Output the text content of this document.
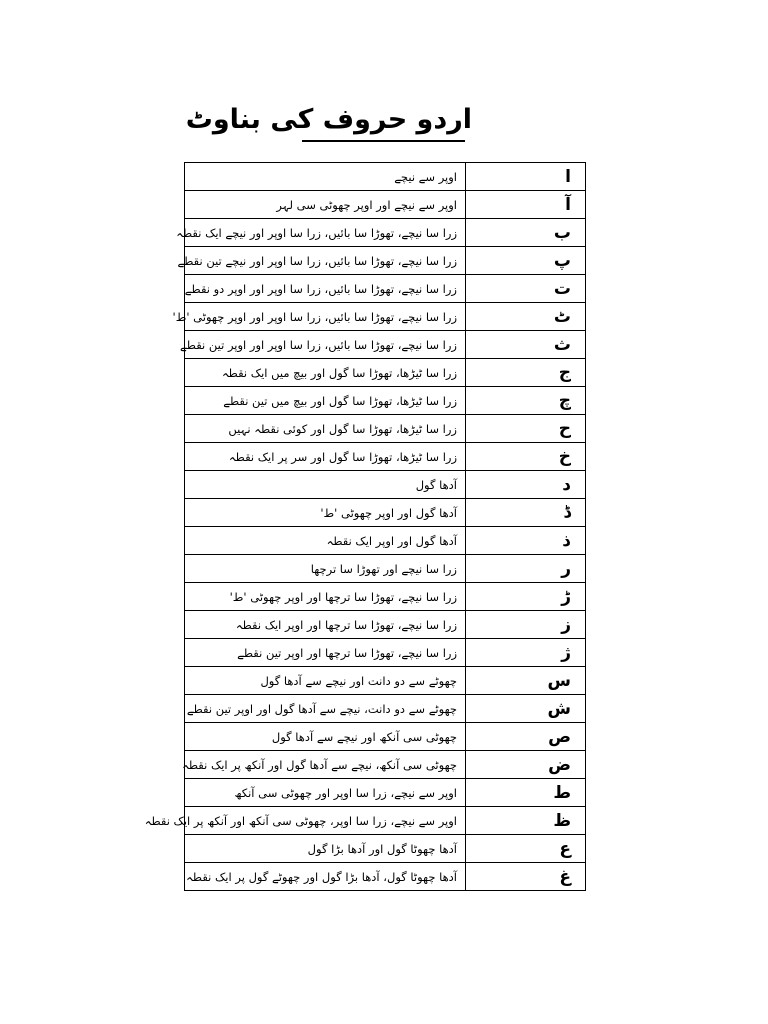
اردو حروف کی بناوٹ
ا	اوپر سے نیچے
آ	اوپر سے نیچے اور اوپر چھوٹی سی لہر
ب	زرا سا نیچے، تھوڑا سا بائیں، زرا سا اوپر اور نیچے ایک نقطہ
پ	زرا سا نیچے، تھوڑا سا بائیں، زرا سا اوپر اور نیچے تین نقطے
ت	زرا سا نیچے، تھوڑا سا بائیں، زرا سا اوپر اور اوپر دو نقطے
ٹ	زرا سا نیچے، تھوڑا سا بائیں، زرا سا اوپر اور اوپر چھوٹی 'ط'
ث	زرا سا نیچے، تھوڑا سا بائیں، زرا سا اوپر اور اوپر تین نقطے
ج	زرا سا ٹیڑھا، تھوڑا سا گول اور بیچ میں ایک نقطہ
چ	زرا سا ٹیڑھا، تھوڑا سا گول اور بیچ میں تین نقطے
ح	زرا سا ٹیڑھا، تھوڑا سا گول اور کوئی نقطہ نہیں
خ	زرا سا ٹیڑھا، تھوڑا سا گول اور سر پر ایک نقطہ
د	آدھا گول
ڈ	آدھا گول اور اوپر چھوٹی 'ط'
ذ	آدھا گول اور اوپر ایک نقطہ
ر	زرا سا نیچے اور تھوڑا سا ترچھا
ڑ	زرا سا نیچے، تھوڑا سا ترچھا اور اوپر چھوٹی 'ط'
ز	زرا سا نیچے، تھوڑا سا ترچھا اور اوپر ایک نقطہ
ژ	زرا سا نیچے، تھوڑا سا ترچھا اور اوپر تین نقطے
س	چھوٹے سے دو دانت اور نیچے سے آدھا گول
ش	چھوٹے سے دو دانت، نیچے سے آدھا گول اور اوپر تین نقطے
ص	چھوٹی سی آنکھ اور نیچے سے آدھا گول
ض	چھوٹی سی آنکھ، نیچے سے آدھا گول اور آنکھ پر ایک نقطہ
ط	اوپر سے نیچے، زرا سا اوپر اور چھوٹی سی آنکھ
ظ	اوپر سے نیچے، زرا سا اوپر، چھوٹی سی آنکھ اور آنکھ پر ایک نقطہ
ع	آدھا چھوٹا گول اور آدھا بڑا گول
غ	آدھا چھوٹا گول، آدھا بڑا گول اور چھوٹے گول پر ایک نقطہ
